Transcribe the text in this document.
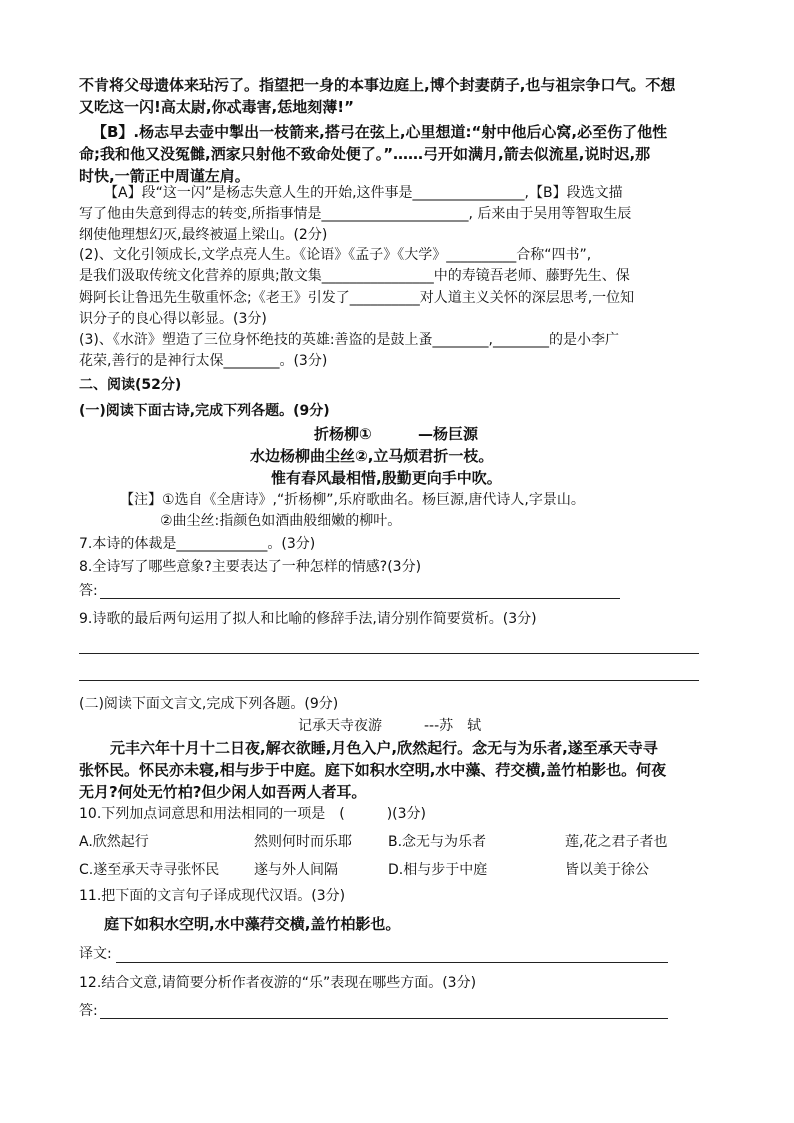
不肯将父母遗体来玷污了。指望把一身的本事边庭上,博个封妻荫子,也与祖宗争口气。不想
又吃这一闪!高太尉,你忒毒害,恁地刻薄!”
【B】.杨志早去壶中掣出一枝箭来,搭弓在弦上,心里想道:“射中他后心窝,必至伤了他性
命;我和他又没冤雠,洒家只射他不致命处便了。”……弓开如满月,箭去似流星,说时迟,那
时快,一箭正中周谨左肩。
【A】段“这一闪”是杨志失意人生的开始,这件事是________________,【B】段选文描
写了他由失意到得志的转变,所指事情是_____________________, 后来由于吴用等智取生辰
纲使他理想幻灭,最终被逼上梁山。(2分)
(2)、文化引领成长,文学点亮人生。《论语》《孟子》《大学》__________合称“四书”,
是我们汲取传统文化营养的原典;散文集________________中的寿镜吾老师、藤野先生、保
姆阿长让鲁迅先生敬重怀念;《老王》引发了__________对人道主义关怀的深层思考,一位知
识分子的良心得以彰显。(3分)
(3)、《水浒》塑造了三位身怀绝技的英雄:善盗的是鼓上蚤________,________的是小李广
花荣,善行的是神行太保________。(3分)
二、阅读(52分)
(一)阅读下面古诗,完成下列各题。(9分)
折杨柳①	—杨巨源
水边杨柳曲尘丝②,立马烦君折一枝。
惟有春风最相惜,殷勤更向手中吹。
【注】①选自《全唐诗》,“折杨柳”,乐府歌曲名。杨巨源,唐代诗人,字景山。
②曲尘丝:指颜色如酒曲般细嫩的柳叶。
7.本诗的体裁是_____________。(3分)
8.全诗写了哪些意象?主要表达了一种怎样的情感?(3分)
答:
9.诗歌的最后两句运用了拟人和比喻的修辞手法,请分别作简要赏析。(3分)
(二)阅读下面文言文,完成下列各题。(9分)
记承天寺夜游	---苏　轼
元丰六年十月十二日夜,解衣欲睡,月色入户,欣然起行。念无与为乐者,遂至承天寺寻
张怀民。怀民亦未寝,相与步于中庭。庭下如积水空明,水中藻、荇交横,盖竹柏影也。何夜
无月?何处无竹柏?但少闲人如吾两人者耳。
10.下列加点词意思和用法相同的一项是　(　　　)(3分)
A.欣然起行	然则何时而乐耶	B.念无与为乐者	莲,花之君子者也
C.遂至承天寺寻张怀民 遂与外人间隔	D.相与步于中庭	皆以美于徐公
11.把下面的文言句子译成现代汉语。(3分)
庭下如积水空明,水中藻荇交横,盖竹柏影也。
译文:
12.结合文意,请简要分析作者夜游的“乐”表现在哪些方面。(3分)
答:
